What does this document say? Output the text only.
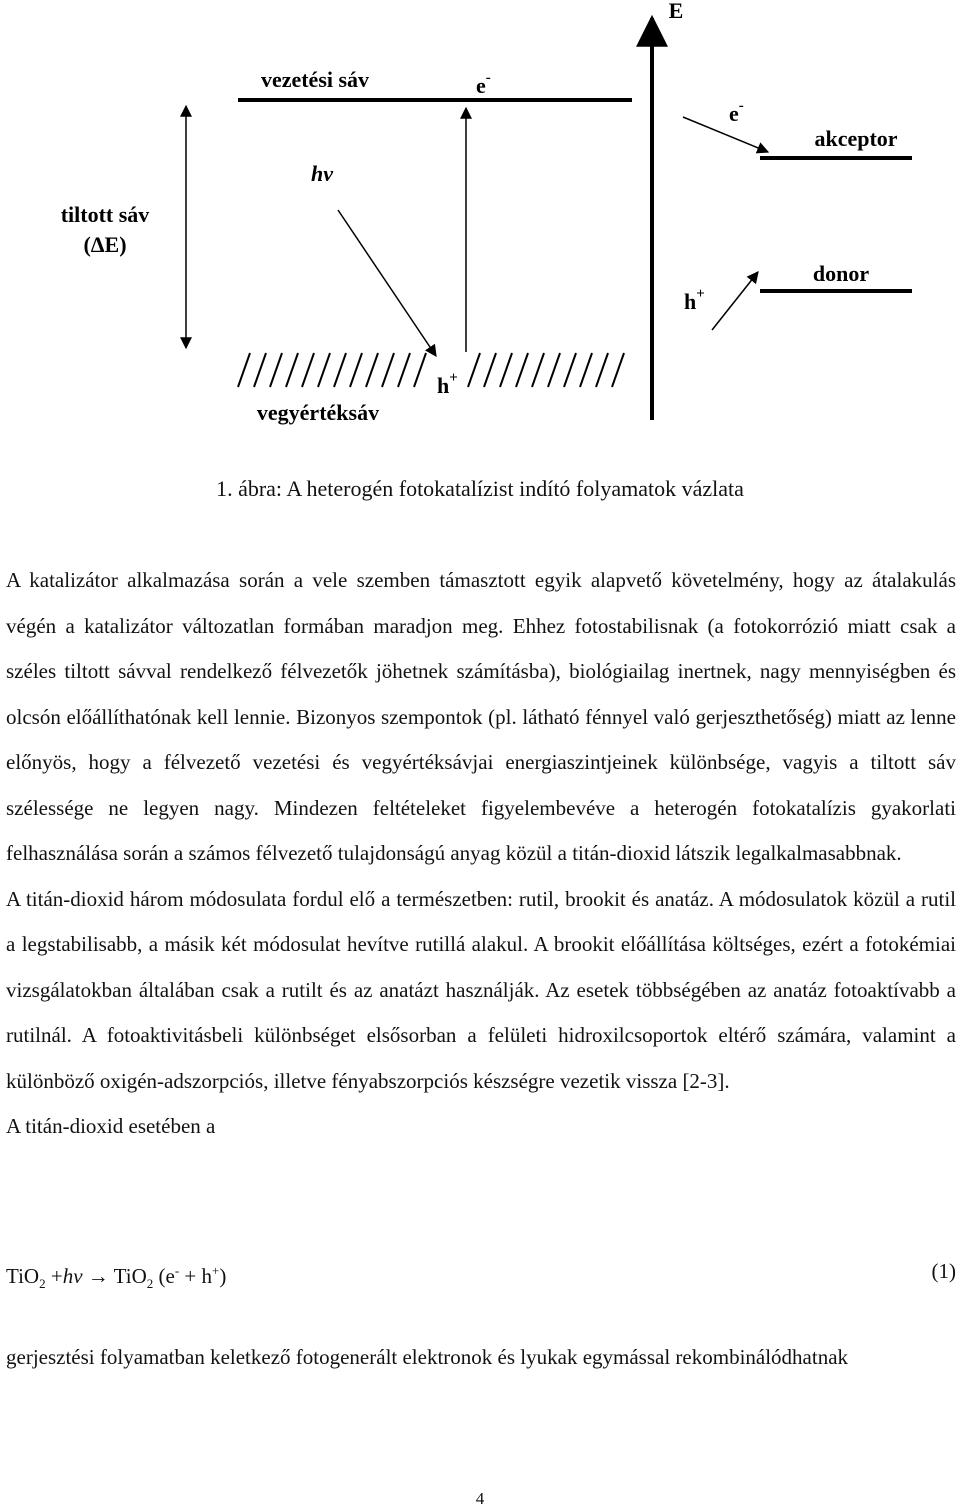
E
vezetési sáv	e-
e-
akceptor
hν
tiltott sáv
(ΔE)
donor
h+
h+
vegyértéksáv
1. ábra: A heterogén fotokatalízist indító folyamatok vázlata

A katalizátor alkalmazása során a vele szemben támasztott egyik alapvető követelmény, hogy az átalakulás végén a katalizátor változatlan formában maradjon meg. Ehhez fotostabilisnak (a fotokorrózió miatt csak a széles tiltott sávval rendelkező félvezetők jöhetnek számításba), biológiailag inertnek, nagy mennyiségben és olcsón előállíthatónak kell lennie. Bizonyos szempontok (pl. látható fénnyel való gerjeszthetőség) miatt az lenne előnyös, hogy a félvezető vezetési és vegyértéksávjai energiaszintjeinek különbsége, vagyis a tiltott sáv szélessége ne legyen nagy. Mindezen feltételeket figyelembevéve a heterogén fotokatalízis gyakorlati felhasználása során a számos félvezető tulajdonságú anyag közül a titán-dioxid látszik legalkalmasabbnak.

A titán-dioxid három módosulata fordul elő a természetben: rutil, brookit és anatáz. A módosulatok közül a rutil a legstabilisabb, a másik két módosulat hevítve rutillá alakul. A brookit előállítása költséges, ezért a fotokémiai vizsgálatokban általában csak a rutilt és az anatázt használják. Az esetek többségében az anatáz fotoaktívabb a rutilnál. A fotoaktivitásbeli különbséget elsősorban a felületi hidroxilcsoportok eltérő számára, valamint a különböző oxigén-adszorpciós, illetve fényabszorpciós készségre vezetik vissza [2-3].

A titán-dioxid esetében a

TiO$_2$ +hv → TiO$_2$ (e- + h+)	(1)

gerjesztési folyamatban keletkező fotogenerált elektronok és lyukak egymással rekombinálódhatnak

4
